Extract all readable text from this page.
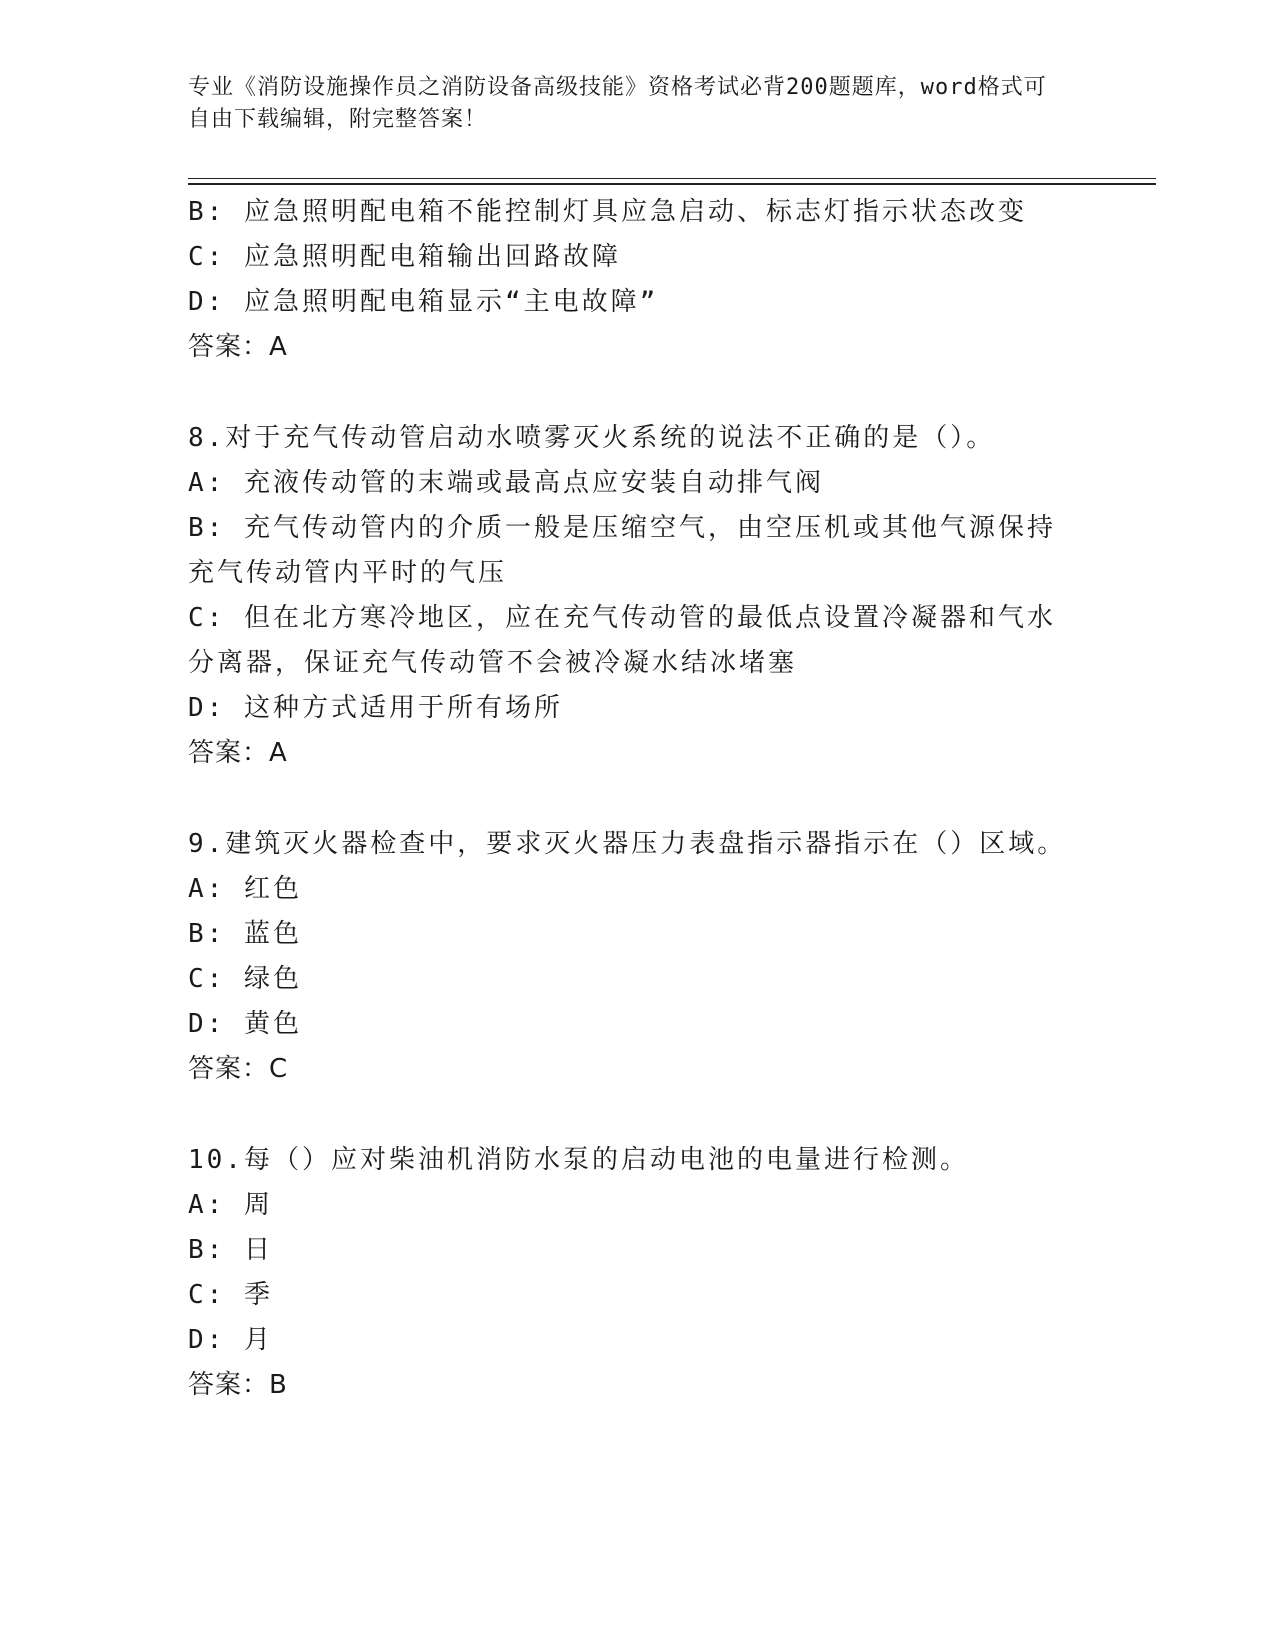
专业《消防设施操作员之消防设备高级技能》资格考试必背200题题库，word格式可自由下载编辑，附完整答案！
B: 应急照明配电箱不能控制灯具应急启动、标志灯指示状态改变
C: 应急照明配电箱输出回路故障
D: 应急照明配电箱显示“主电故障”
答案：A
8.对于充气传动管启动水喷雾灭火系统的说法不正确的是（）。
A: 充液传动管的末端或最高点应安装自动排气阀
B: 充气传动管内的介质一般是压缩空气，由空压机或其他气源保持充气传动管内平时的气压
C: 但在北方寒冷地区，应在充气传动管的最低点设置冷凝器和气水分离器，保证充气传动管不会被冷凝水结冰堵塞
D: 这种方式适用于所有场所
答案：A
9.建筑灭火器检查中，要求灭火器压力表盘指示器指示在（）区域。
A: 红色
B: 蓝色
C: 绿色
D: 黄色
答案：C
10.每（）应对柴油机消防水泵的启动电池的电量进行检测。
A: 周
B: 日
C: 季
D: 月
答案：B
